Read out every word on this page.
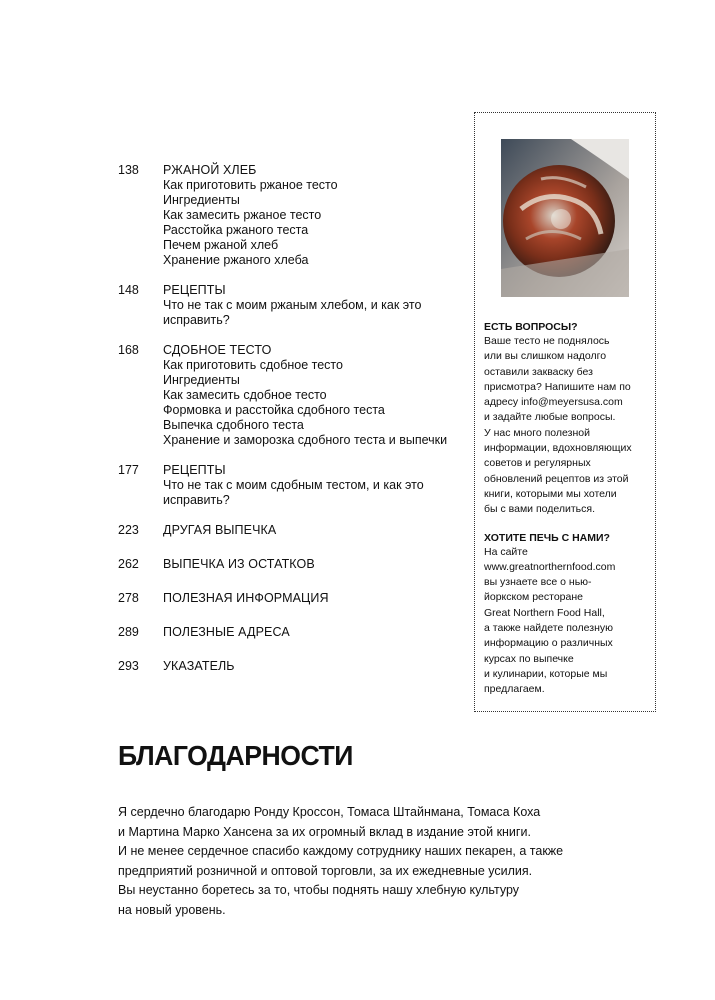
138 РЖАНОЙ ХЛЕБ
Как приготовить ржаное тесто
Ингредиенты
Как замесить ржаное тесто
Расстойка ржаного теста
Печем ржаной хлеб
Хранение ржаного хлеба
148 РЕЦЕПТЫ
Что не так с моим ржаным хлебом, и как это
исправить?
168 СДОБНОЕ ТЕСТО
Как приготовить сдобное тесто
Ингредиенты
Как замесить сдобное тесто
Формовка и расстойка сдобного теста
Выпечка сдобного теста
Хранение и заморозка сдобного теста и выпечки
177 РЕЦЕПТЫ
Что не так с моим сдобным тестом, и как это
исправить?
223 ДРУГАЯ ВЫПЕЧКА
262 ВЫПЕЧКА ИЗ ОСТАТКОВ
278 ПОЛЕЗНАЯ ИНФОРМАЦИЯ
289 ПОЛЕЗНЫЕ АДРЕСА
293 УКАЗАТЕЛЬ
ЕСТЬ ВОПРОСЫ?
Ваше тесто не поднялось
или вы слишком надолго
оставили закваску без
присмотра? Напишите нам по
адресу info@meyersusa.com
и задайте любые вопросы.
У нас много полезной
информации, вдохновляющих
советов и регулярных
обновлений рецептов из этой
книги, которыми мы хотели
бы с вами поделиться.
ХОТИТЕ ПЕЧЬ С НАМИ?
На сайте
www.greatnorthernfood.com
вы узнаете все о нью-
йоркском ресторане
Great Northern Food Hall,
а также найдете полезную
информацию о различных
курсах по выпечке
и кулинарии, которые мы
предлагаем.
БЛАГОДАРНОСТИ
Я сердечно благодарю Ронду Кроссон, Томаса Штайнмана, Томаса Коха
и Мартина Марко Хансена за их огромный вклад в издание этой книги.
И не менее сердечное спасибо каждому сотруднику наших пекарен, а также
предприятий розничной и оптовой торговли, за их ежедневные усилия.
Вы неустанно боретесь за то, чтобы поднять нашу хлебную культуру
на новый уровень.
